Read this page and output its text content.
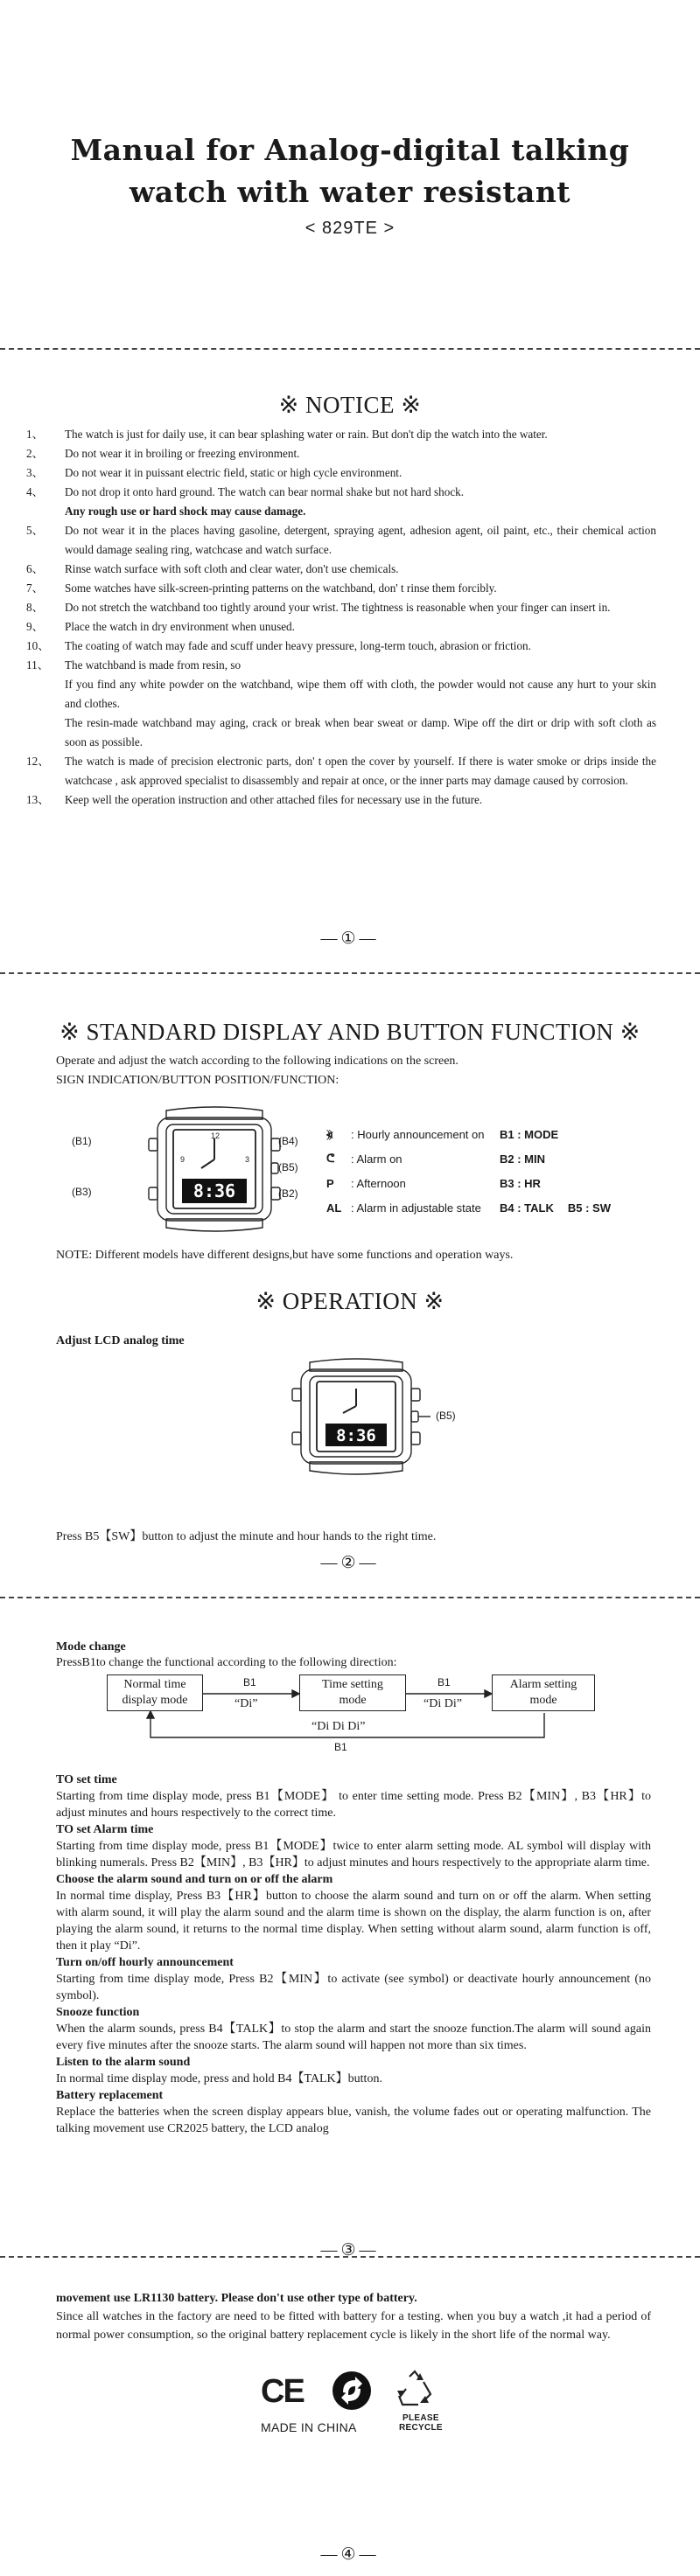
Manual for Analog-digital talking
watch with water resistant
< 829TE >
※ NOTICE ※
1、	The watch is just for daily use, it can bear splashing water or rain. But don't dip the watch into the water.
2、	Do not wear it in broiling or freezing environment.
3、	Do not wear it in puissant electric field, static or high cycle environment.
4、	Do not drop it onto hard ground. The watch can bear normal shake but not hard shock.
Any rough use or hard shock may cause damage.
5、	Do not wear it in the places having gasoline, detergent, spraying agent, adhesion agent, oil paint, etc., their chemical action would damage sealing ring, watchcase and watch surface.
6、	Rinse watch surface with soft cloth and clear water, don't use chemicals.
7、	Some watches have silk-screen-printing patterns on the watchband, don' t rinse them forcibly.
8、	Do not stretch the watchband too tightly around your wrist. The tightness is reasonable when your finger can insert in.
9、	Place the watch in dry environment when unused.
10、	The coating of watch may fade and scuff under heavy pressure, long-term touch, abrasion or friction.
11、	The watchband is made from resin, so
If you find any white powder on the watchband, wipe them off with cloth, the powder would not cause any hurt to your skin and clothes.
The resin-made watchband may aging, crack or break when bear sweat or damp. Wipe off the dirt or drip with soft cloth as soon as possible.
12、	The watch is made of precision electronic parts, don' t open the cover by yourself. If there is water smoke or drips inside the watchcase , ask approved specialist to disassembly and repair at once, or the inner parts may damage caused by corrosion.
13、	Keep well the operation instruction and other attached files for necessary use in the future.
—①—
※ STANDARD DISPLAY AND BUTTON FUNCTION ※
Operate and adjust the watch according to the following indications on the screen.
SIGN INDICATION/BUTTON POSITION/FUNCTION:
12
3
9
8:36
(B1)
(B3)
(B4)
(B5)
(B2)
⦖	: Hourly announcement on	B1 : MODE
ᕦ	: Alarm on	B2 : MIN
P	: Afternoon	B3 : HR
AL : Alarm in adjustable state	B4 : TALK B5 : SW
NOTE: Different models have different designs,but have some functions and operation ways.
※ OPERATION ※
Adjust LCD analog time
8:36
(B5)
Press B5【SW】button to adjust the minute and hour hands to the right time.
—②—
Mode change
PressB1to change the functional according to the following direction:
Normal time
display mode
Time setting
mode
Alarm setting
mode
B1
“Di”
B1
“Di Di”
“Di Di Di”
B1
TO set time

Starting from time display mode, press B1【MODE】 to enter time setting mode. Press B2【MIN】, B3【HR】to adjust minutes and hours respectively to the correct time.

TO set Alarm time

Starting from time display mode, press B1【MODE】twice to enter alarm setting mode. AL symbol will display with blinking numerals. Press B2【MIN】, B3【HR】to adjust minutes and hours respectively to the appropriate alarm time.

Choose the alarm sound and turn on or off the alarm

In normal time display, Press B3【HR】button to choose the alarm sound and turn on or off the alarm. When setting with alarm sound, it will play the alarm sound and the alarm time is shown on the display, the alarm function is on, after playing the alarm sound, it returns to the normal time display. When setting without alarm sound, alarm function is off, then it play “Di”.

Turn on/off hourly announcement

Starting from time display mode, Press B2【MIN】to activate (see symbol) or deactivate hourly announcement (no symbol).

Snooze function

When the alarm sounds, press B4【TALK】to stop the alarm and start the snooze function.The alarm will sound again every five minutes after the snooze starts. The alarm sound will happen not more than six times.

Listen to the alarm sound

In normal time display mode, press and hold B4【TALK】button.

Battery replacement

Replace the batteries when the screen display appears blue, vanish, the volume fades out or operating malfunction. The talking movement use CR2025 battery, the LCD analog

—③—
movement use LR1130 battery. Please don't use other type of battery.

Since all watches in the factory are need to be fitted with battery for a testing. when you buy a watch ,it had a period of normal power consumption, so the original battery replacement cycle is likely in the short life of the normal way.

CE
MADE IN CHINA
PLEASE
RECYCLE
—④—
